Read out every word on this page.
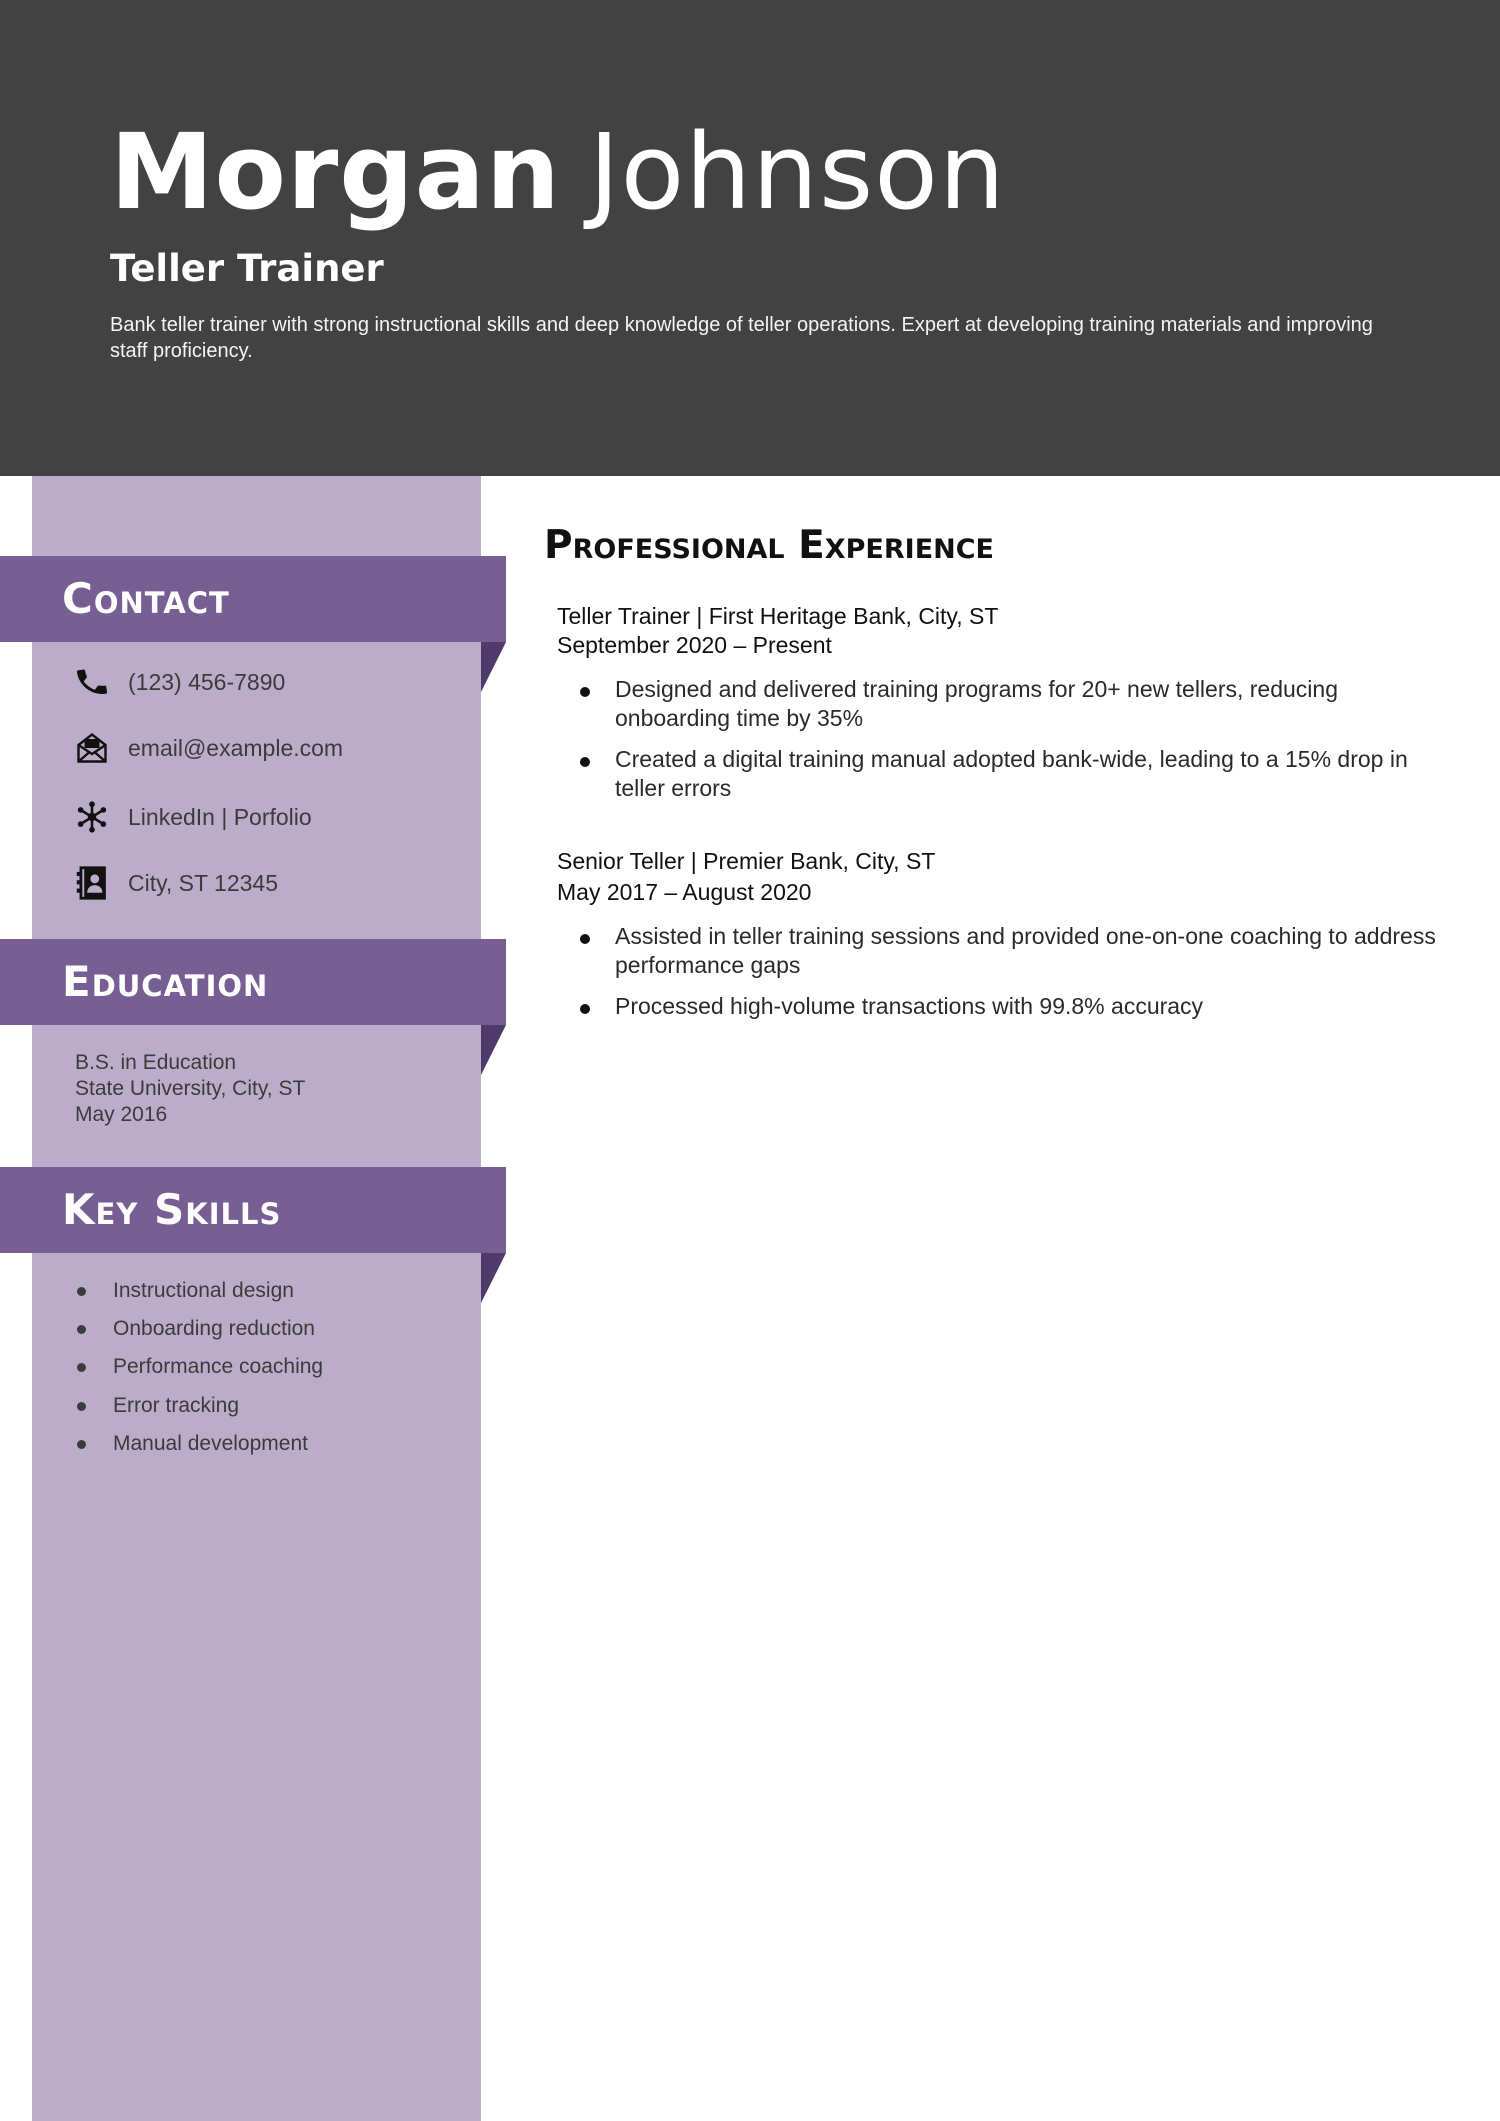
Morgan Johnson
Teller Trainer
Bank teller trainer with strong instructional skills and deep knowledge of teller operations. Expert at developing training materials and improving staff proficiency.
Contact
(123) 456-7890
email@example.com
LinkedIn | Porfolio
City, ST 12345
Education
B.S. in Education
State University, City, ST
May 2016
Key Skills
Instructional design
Onboarding reduction
Performance coaching
Error tracking
Manual development
Professional Experience
Teller Trainer | First Heritage Bank, City, ST
September 2020 – Present
Designed and delivered training programs for 20+ new tellers, reducing onboarding time by 35%
Created a digital training manual adopted bank-wide, leading to a 15% drop in teller errors
Senior Teller | Premier Bank, City, ST
May 2017 – August 2020
Assisted in teller training sessions and provided one-on-one coaching to address performance gaps
Processed high-volume transactions with 99.8% accuracy
